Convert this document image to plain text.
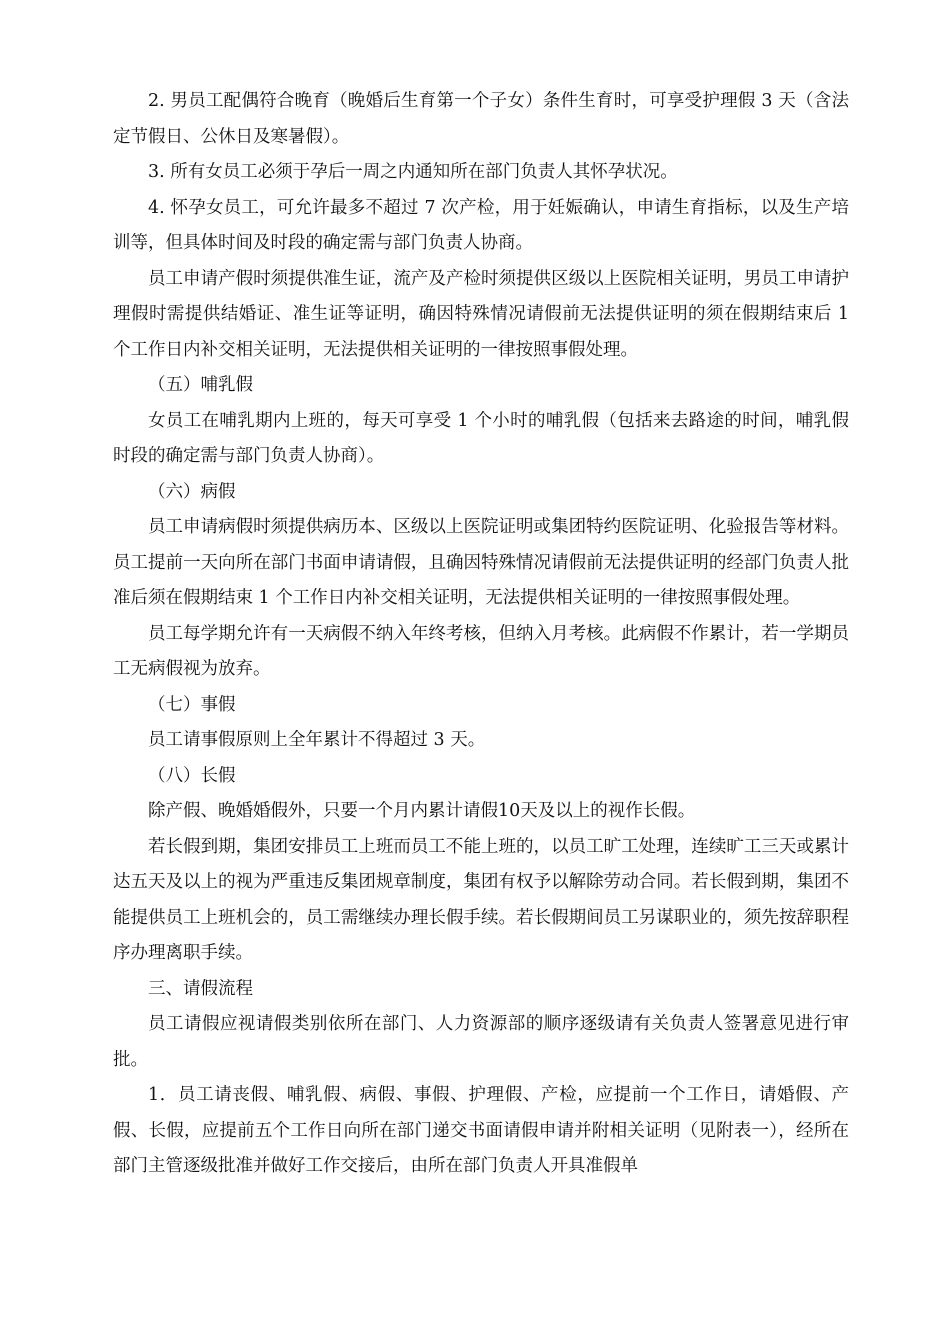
2. 男员工配偶符合晚育（晚婚后生育第一个子女）条件生育时，可享受护理假 3 天（含法定节假日、公休日及寒暑假）。

3. 所有女员工必须于孕后一周之内通知所在部门负责人其怀孕状况。

4. 怀孕女员工，可允许最多不超过 7 次产检，用于妊娠确认，申请生育指标，以及生产培训等，但具体时间及时段的确定需与部门负责人协商。

员工申请产假时须提供准生证，流产及产检时须提供区级以上医院相关证明，男员工申请护理假时需提供结婚证、准生证等证明，确因特殊情况请假前无法提供证明的须在假期结束后 1 个工作日内补交相关证明，无法提供相关证明的一律按照事假处理。

（五）哺乳假

女员工在哺乳期内上班的，每天可享受 1 个小时的哺乳假（包括来去路途的时间，哺乳假时段的确定需与部门负责人协商）。

（六）病假

员工申请病假时须提供病历本、区级以上医院证明或集团特约医院证明、化验报告等材料。员工提前一天向所在部门书面申请请假，且确因特殊情况请假前无法提供证明的经部门负责人批准后须在假期结束 1 个工作日内补交相关证明，无法提供相关证明的一律按照事假处理。

员工每学期允许有一天病假不纳入年终考核，但纳入月考核。此病假不作累计，若一学期员工无病假视为放弃。

（七）事假

员工请事假原则上全年累计不得超过 3 天。

（八）长假

除产假、晚婚婚假外，只要一个月内累计请假10天及以上的视作长假。

若长假到期，集团安排员工上班而员工不能上班的，以员工旷工处理，连续旷工三天或累计达五天及以上的视为严重违反集团规章制度，集团有权予以解除劳动合同。若长假到期，集团不能提供员工上班机会的，员工需继续办理长假手续。若长假期间员工另谋职业的，须先按辞职程序办理离职手续。

三、请假流程

员工请假应视请假类别依所在部门、人力资源部的顺序逐级请有关负责人签署意见进行审批。

1．员工请丧假、哺乳假、病假、事假、护理假、产检，应提前一个工作日，请婚假、产假、长假，应提前五个工作日向所在部门递交书面请假申请并附相关证明（见附表一），经所在部门主管逐级批准并做好工作交接后，由所在部门负责人开具准假单
